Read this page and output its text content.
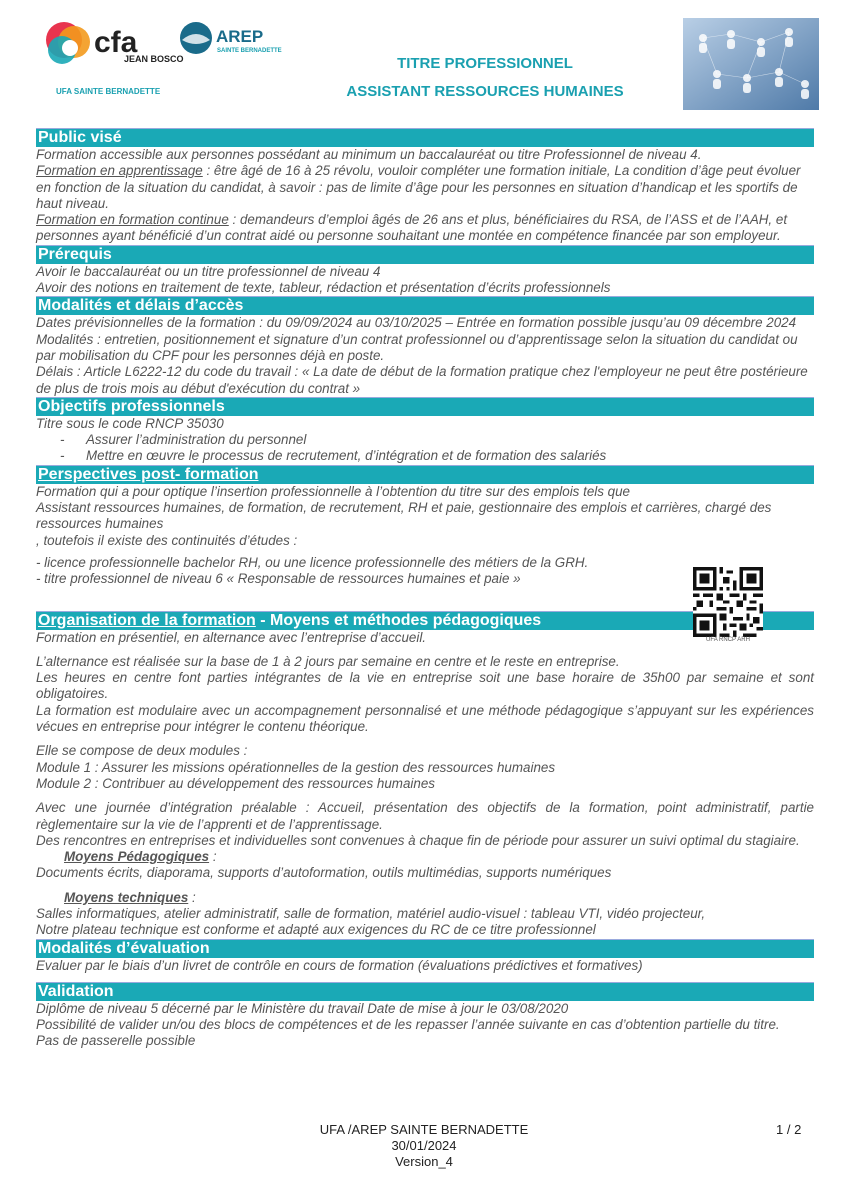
cfa
JEAN BOSCO
UFA SAINTE BERNADETTE
AREP
SAINTE BERNADETTE
TITRE PROFESSIONNEL
ASSISTANT RESSOURCES HUMAINES
Public visé

Formation accessible aux personnes possédant au minimum un baccalauréat ou titre Professionnel de niveau 4.

Formation en apprentissage : être âgé de 16 à 25 révolu, vouloir compléter une formation initiale, La condition d’âge peut évoluer en fonction de la situation du candidat, à savoir : pas de limite d’âge pour les personnes en situation d’handicap et les sportifs de haut niveau.

Formation en formation continue : demandeurs d’emploi âgés de 26 ans et plus, bénéficiaires du RSA, de l’ASS et de l’AAH, et personnes ayant bénéficié d’un contrat aidé ou personne souhaitant une montée en compétence financée par son employeur.

Prérequis

Avoir le baccalauréat ou un titre professionnel de niveau 4

Avoir des notions en traitement de texte, tableur, rédaction et présentation d’écrits professionnels

Modalités et délais d’accès

Dates prévisionnelles de la formation : du 09/09/2024 au 03/10/2025 – Entrée en formation possible jusqu’au 09 décembre 2024

Modalités : entretien, positionnement et signature d’un contrat professionnel ou d’apprentissage selon la situation du candidat ou par mobilisation du CPF pour les personnes déjà en poste.

Délais : Article L6222-12 du code du travail : « La date de début de la formation pratique chez l'employeur ne peut être postérieure de plus de trois mois au début d'exécution du contrat »

Objectifs professionnels

Titre sous le code RNCP 35030

- Assurer l’administration du personnel

- Mettre en œuvre le processus de recrutement, d’intégration et de formation des salariés

Perspectives post- formation

Formation qui a pour optique l’insertion professionnelle à l’obtention du titre sur des emplois tels que

Assistant ressources humaines, de formation, de recrutement, RH et paie, gestionnaire des emplois et carrières, chargé des ressources humaines

, toutefois il existe des continuités d’études :

- licence professionnelle bachelor RH, ou une licence professionnelle des métiers de la GRH.

- titre professionnel de niveau 6 « Responsable de ressources humaines et paie »

Organisation de la formation - Moyens et méthodes pédagogiques

Formation en présentiel, en alternance avec l’entreprise d’accueil.

L’alternance est réalisée sur la base de 1 à 2 jours par semaine en centre et le reste en entreprise.

Les heures en centre font parties intégrantes de la vie en entreprise soit une base horaire de 35h00 par semaine et sont obligatoires.

La formation est modulaire avec un accompagnement personnalisé et une méthode pédagogique s’appuyant sur les expériences vécues en entreprise pour intégrer le contenu théorique.

Elle se compose de deux modules :

Module 1 : Assurer les missions opérationnelles de la gestion des ressources humaines

Module 2 : Contribuer au développement des ressources humaines

Avec une journée d’intégration préalable : Accueil, présentation des objectifs de la formation, point administratif, partie règlementaire sur la vie de l’apprenti et de l’apprentissage.

Des rencontres en entreprises et individuelles sont convenues à chaque fin de période pour assurer un suivi optimal du stagiaire.

Moyens Pédagogiques :

Documents écrits, diaporama, supports d’autoformation, outils multimédias, supports numériques

Moyens techniques :

Salles informatiques, atelier administratif, salle de formation, matériel audio-visuel : tableau VTI, vidéo projecteur,

Notre plateau technique est conforme et adapté aux exigences du RC de ce titre professionnel

Modalités d’évaluation

Evaluer par le biais d’un livret de contrôle en cours de formation (évaluations prédictives et formatives)

Validation

Diplôme de niveau 5 décerné par le Ministère du travail Date de mise à jour le 03/08/2020

Possibilité de valider un/ou des blocs de compétences et de les repasser l’année suivante en cas d’obtention partielle du titre.

Pas de passerelle possible

UFA RNCP ARH
UFA /AREP SAINTE BERNADETTE
30/01/2024
Version_4
1 / 2
